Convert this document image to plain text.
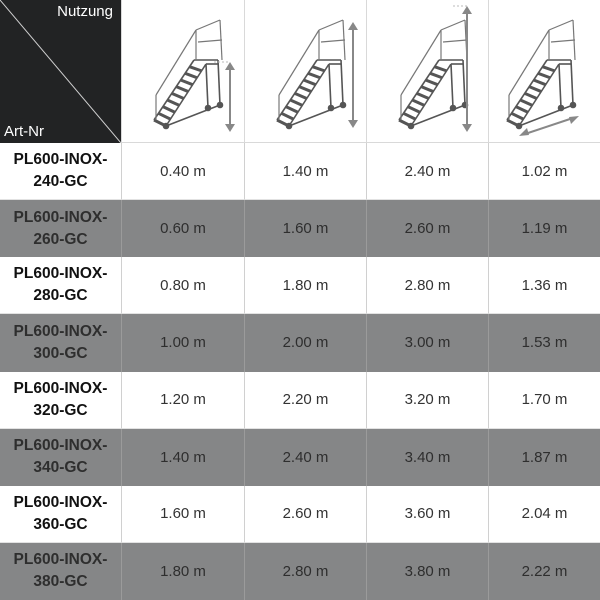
Nutzung
Art-Nr
PL600-INOX-
240-GC
0.40 m	1.40 m	2.40 m	1.02 m
PL600-INOX-
260-GC
0.60 m	1.60 m	2.60 m	1.19 m
PL600-INOX-
280-GC
0.80 m	1.80 m	2.80 m	1.36 m
PL600-INOX-
300-GC
1.00 m	2.00 m	3.00 m	1.53 m
PL600-INOX-
320-GC
1.20 m	2.20 m	3.20 m	1.70 m
PL600-INOX-
340-GC
1.40 m	2.40 m	3.40 m	1.87 m
PL600-INOX-
360-GC
1.60 m	2.60 m	3.60 m	2.04 m
PL600-INOX-
380-GC
1.80 m	2.80 m	3.80 m	2.22 m
